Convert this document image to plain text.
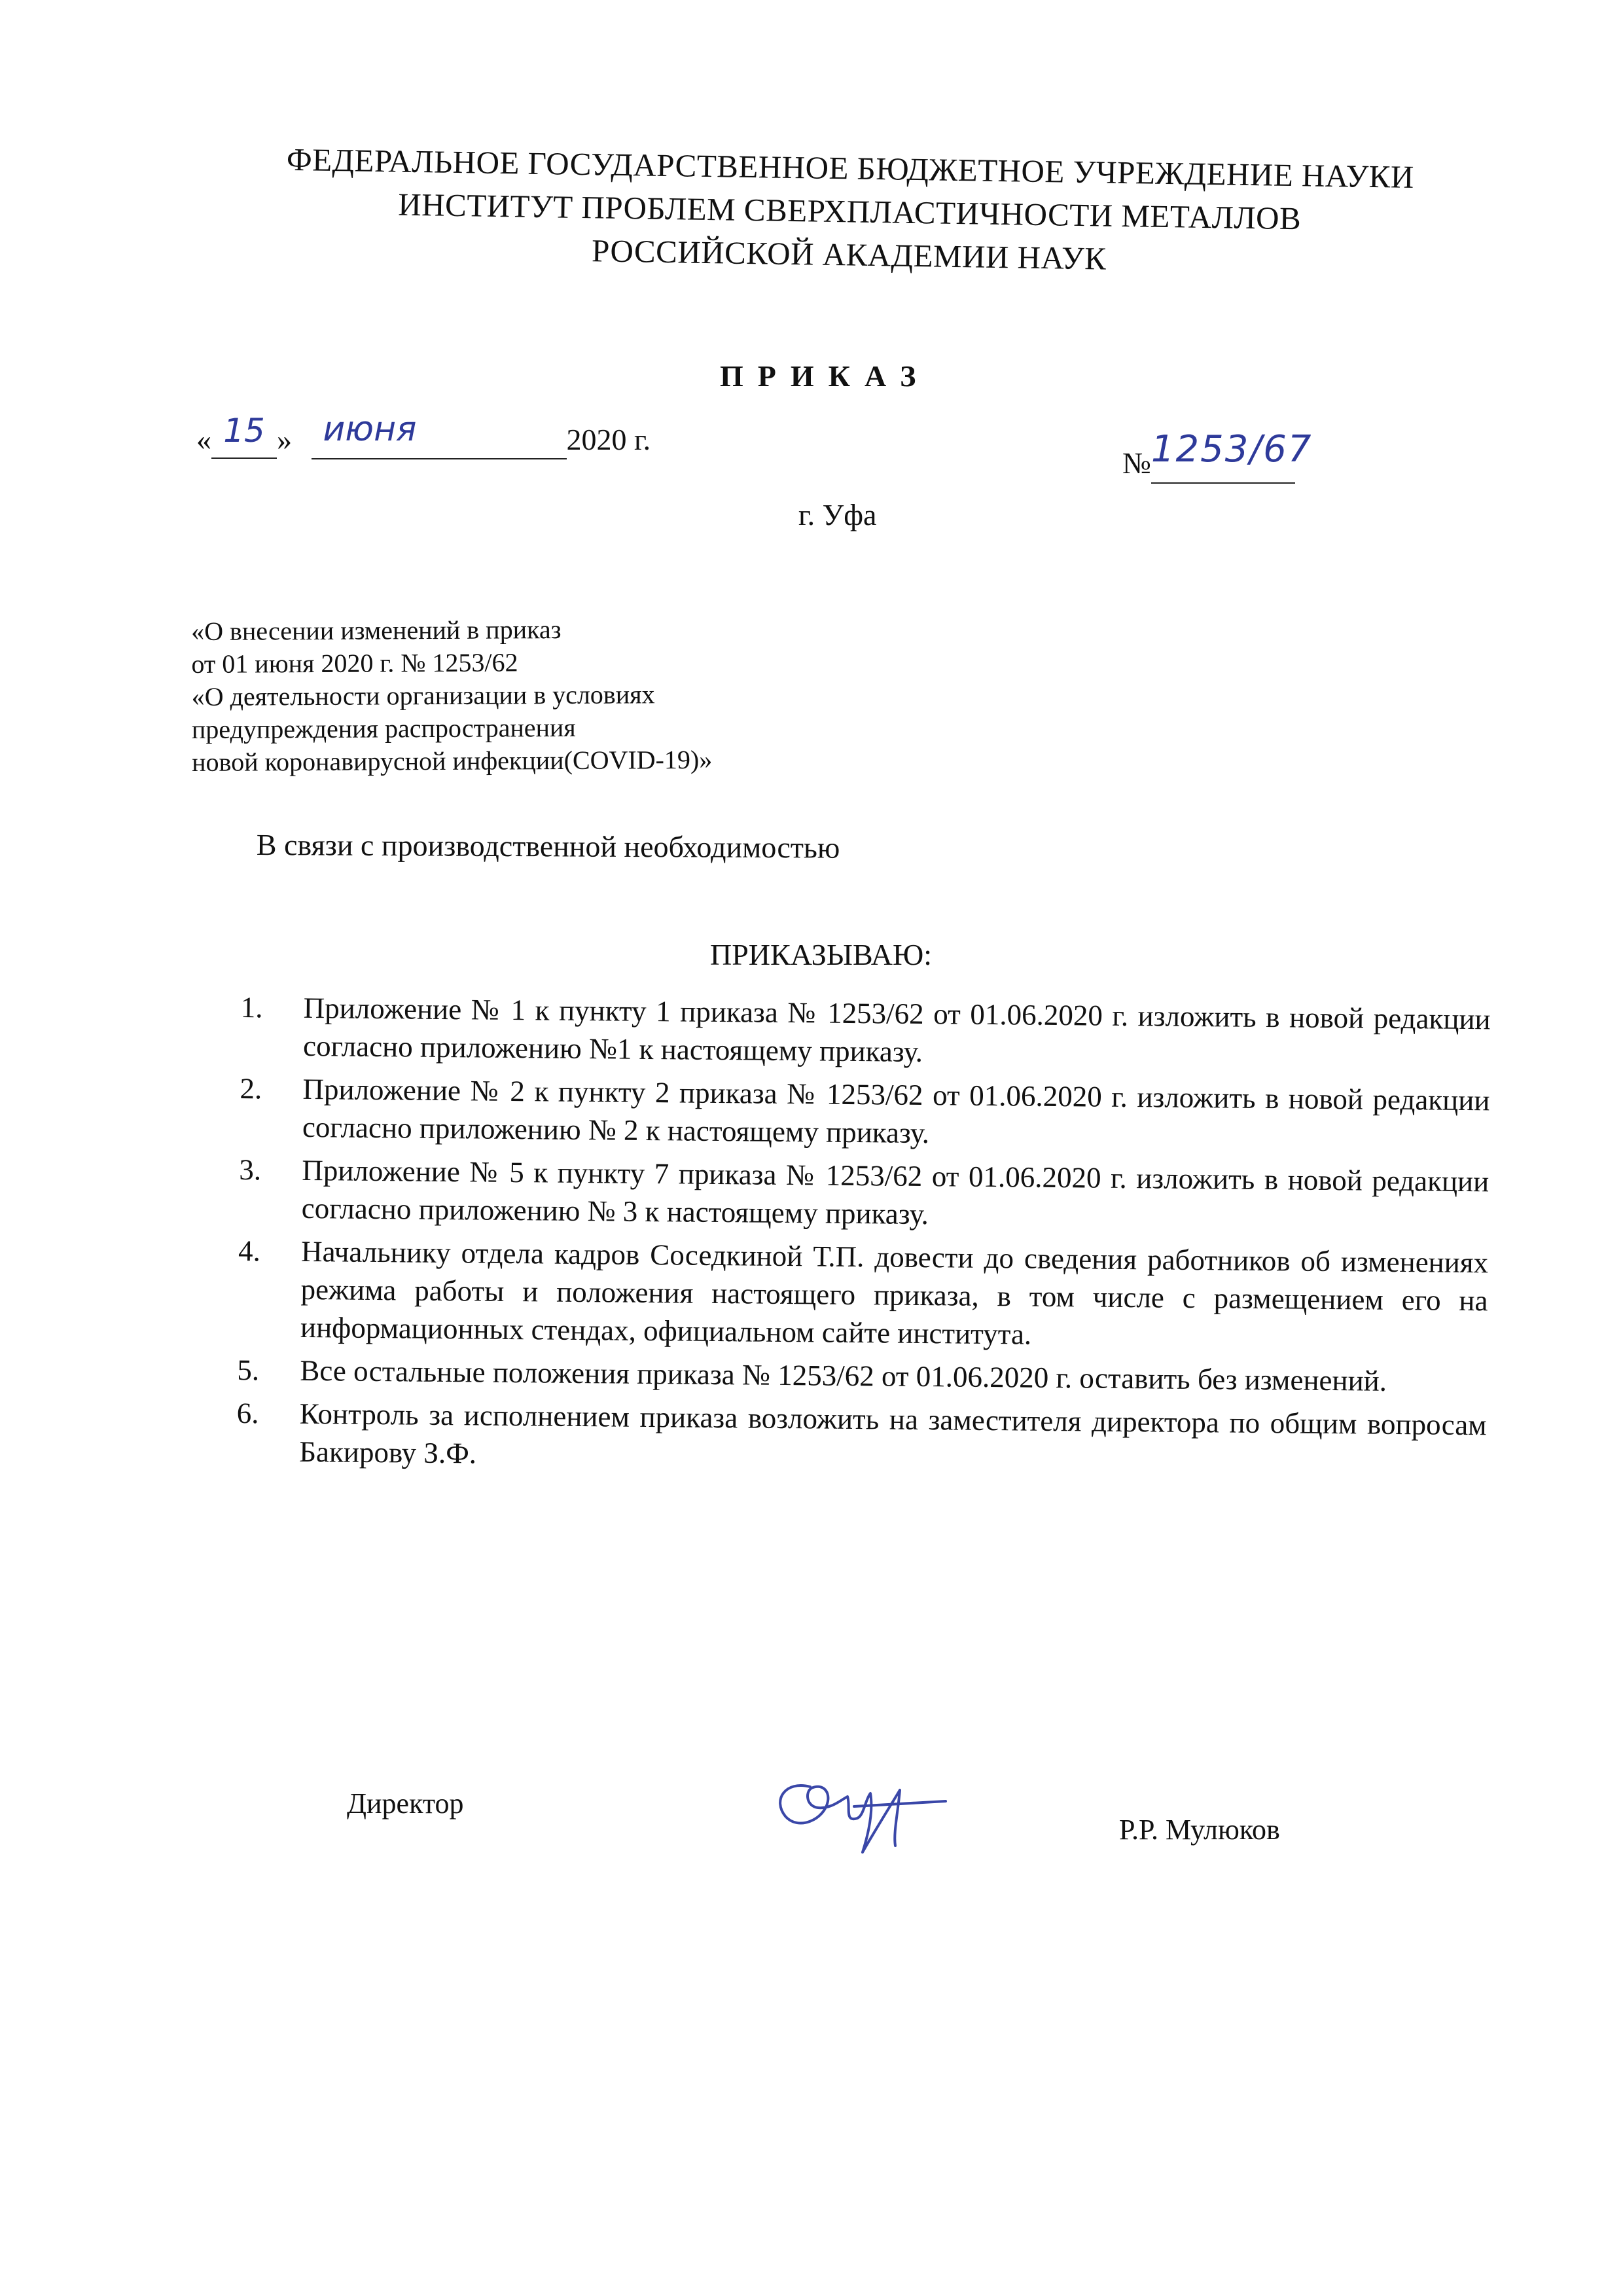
ФЕДЕРАЛЬНОЕ ГОСУДАРСТВЕННОЕ БЮДЖЕТНОЕ УЧРЕЖДЕНИЕ НАУКИ
ИНСТИТУТ ПРОБЛЕМ СВЕРХПЛАСТИЧНОСТИ МЕТАЛЛОВ
РОССИЙСКОЙ АКАДЕМИИ НАУК
ПРИКАЗ
« 15 » июня	2020 г.
№1253/67
г. Уфа
«О внесении изменений в приказ
от 01 июня 2020 г. № 1253/62
«О деятельности организации в условиях
предупреждения распространения
новой коронавирусной инфекции(COVID-19)»
В связи с производственной необходимостью
ПРИКАЗЫВАЮ:
1.	Приложение № 1 к пункту 1 приказа № 1253/62 от 01.06.2020 г. изложить в новой редакции согласно приложению №1 к настоящему приказу.
2.	Приложение № 2 к пункту 2 приказа № 1253/62 от 01.06.2020 г. изложить в новой редакции согласно приложению № 2 к настоящему приказу.
3.	Приложение № 5 к пункту 7 приказа № 1253/62 от 01.06.2020 г. изложить в новой редакции согласно приложению № 3 к настоящему приказу.
4.	Начальнику отдела кадров Соседкиной Т.П. довести до сведения работников об изменениях режима работы и положения настоящего приказа, в том числе с размещением его на информационных стендах, официальном сайте института.
5.	Все остальные положения приказа № 1253/62 от 01.06.2020 г. оставить без изменений.
6.	Контроль за исполнением приказа возложить на заместителя директора по общим вопросам Бакирову З.Ф.
Директор
Р.Р. Мулюков
